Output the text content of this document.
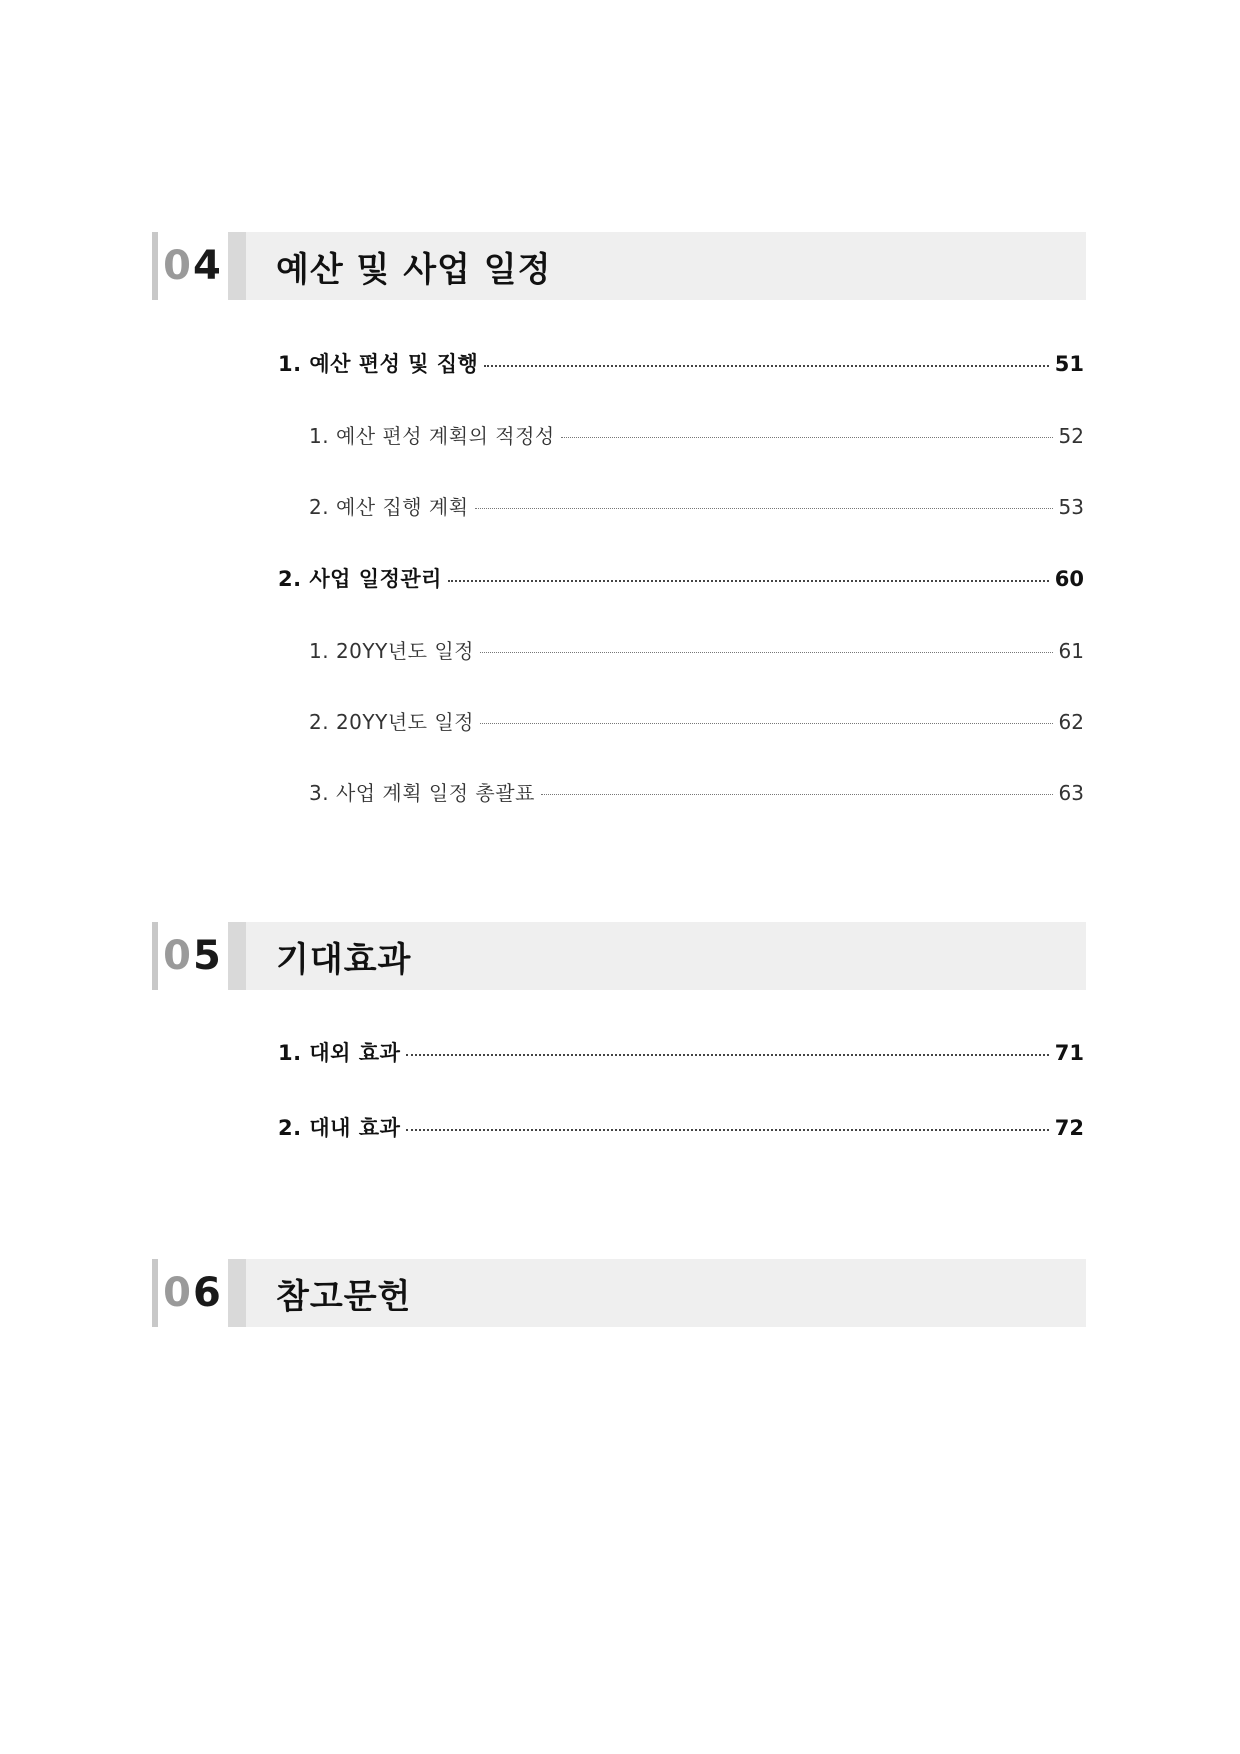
0 4 예산 및 사업 일정
1. 예산 편성 및 집행	51
1. 예산 편성 계획의 적정성	52
2. 예산 집행 계획	53
2. 사업 일정관리	60
1. 20YY년도 일정	61
2. 20YY년도 일정	62
3. 사업 계획 일정 총괄표	63
0 5 기대효과
1. 대외 효과	71
2. 대내 효과	72
0 6 참고문헌
